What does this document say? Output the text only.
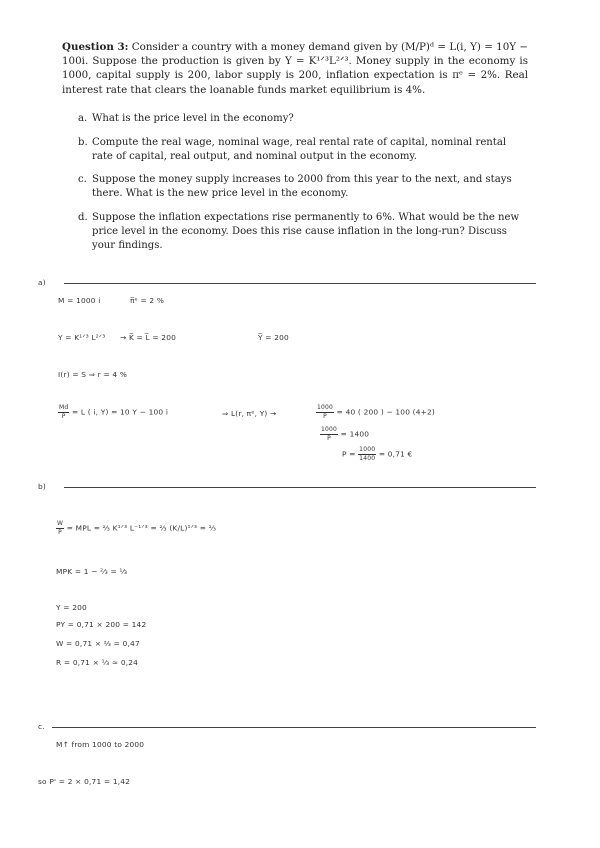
Question 3: Consider a country with a money demand given by (M/P)ᵈ = L(i, Y) = 10Y − 100i. Suppose the production is given by Y = K¹ᐟ³L²ᐟ³. Money supply in the economy is 1000, capital supply is 200, labor supply is 200, inflation expectation is πᵉ = 2%. Real interest rate that clears the loanable funds market equilibrium is 4%.
a. What is the price level in the economy?
b. Compute the real wage, nominal wage, real rental rate of capital, nominal rental rate of capital, real output, and nominal output in the economy.
c. Suppose the money supply increases to 2000 from this year to the next, and stays there. What is the new price level in the economy.
d. Suppose the inflation expectations rise permanently to 6%. What would be the new price level in the economy. Does this rise cause inflation in the long-run? Discuss your findings.
a)
M = 1000 i	π̅ᵉ = 2 %
Y = K¹ᐟ³ L²ᐟ³ → K̅ = L̅ = 200	Y̅ = 200
I(r) = S ⇒ r = 4 %
$\frac{Md}{P} = L$ ( i, Y) = 10 Y − 100 i	⇒ L(r, πᵉ, Y) →	$\frac{1000}{P} = 40$ ( 200 ) − 100 (4+2)
$\frac{1000}{P} = 1400$
$P = \frac{1000}{1400} = 0,71$ €
b)
$\frac{W}{P}$ = MPL = ⅔ K¹ᐟ³ L⁻¹ᐟ³ = ⅔ (K/L)¹ᐟ³ = ⅔
MPK = 1 − ²⁄₃ = ¹⁄₃
Y = 200
PY = 0,71 × 200 = 142
W = 0,71 × ⅔ = 0,47
R = 0,71 × ¹⁄₃ ≈ 0,24
c.
M↑ from 1000 to 2000
so P' = 2 × 0,71 = 1,42
